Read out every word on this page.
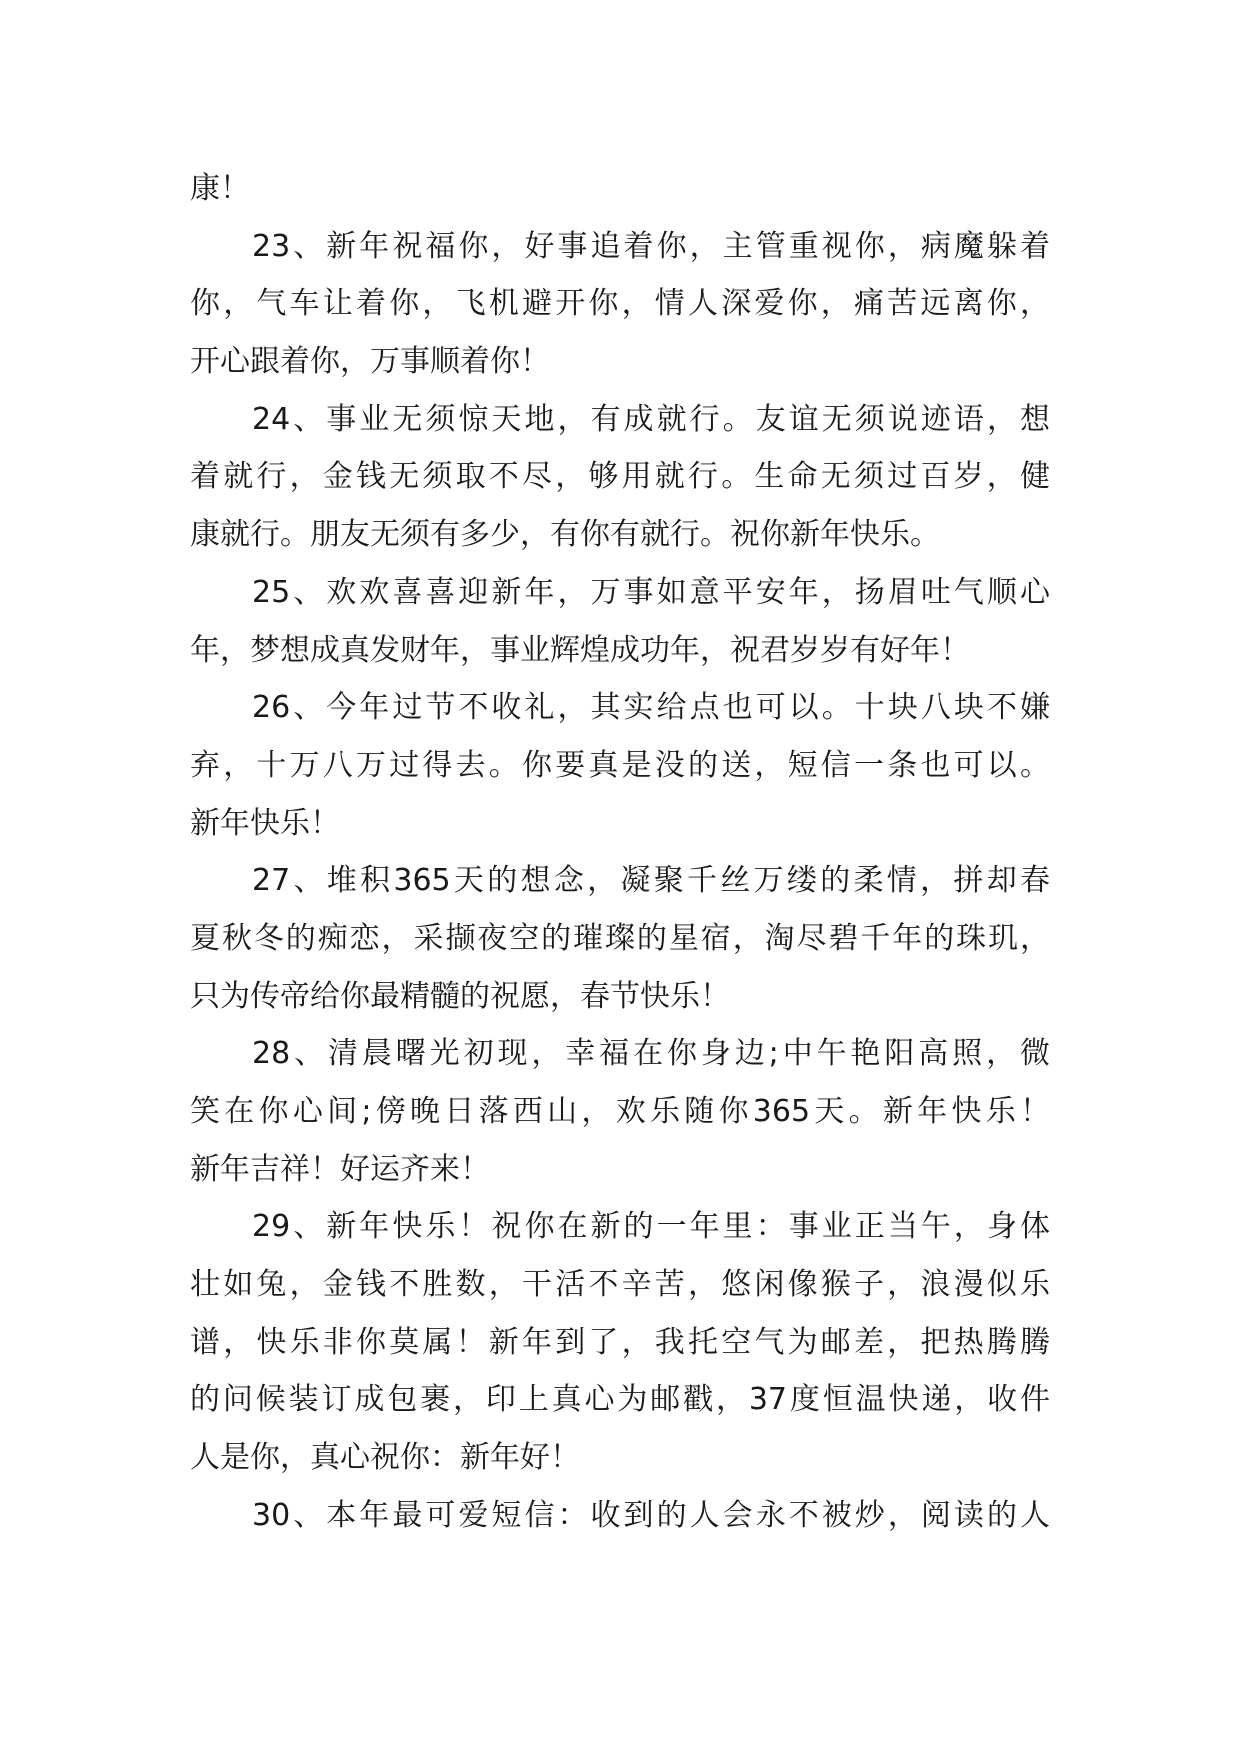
康！
23、新年祝福你，好事追着你，主管重视你，病魔躲着
你，气车让着你，飞机避开你，情人深爱你，痛苦远离你，
开心跟着你，万事顺着你！
24、事业无须惊天地，有成就行。友谊无须说迹语，想
着就行，金钱无须取不尽，够用就行。生命无须过百岁，健
康就行。朋友无须有多少，有你有就行。祝你新年快乐。
25、欢欢喜喜迎新年，万事如意平安年，扬眉吐气顺心
年，梦想成真发财年，事业辉煌成功年，祝君岁岁有好年！
26、今年过节不收礼，其实给点也可以。十块八块不嫌
弃，十万八万过得去。你要真是没的送，短信一条也可以。
新年快乐！
27、堆积365天的想念，凝聚千丝万缕的柔情，拼却春
夏秋冬的痴恋，采撷夜空的璀璨的星宿，淘尽碧千年的珠玑，
只为传帝给你最精髓的祝愿，春节快乐！
28、清晨曙光初现，幸福在你身边;中午艳阳高照，微
笑在你心间;傍晚日落西山，欢乐随你365天。新年快乐！
新年吉祥！好运齐来！
29、新年快乐！祝你在新的一年里：事业正当午，身体
壮如兔，金钱不胜数，干活不辛苦，悠闲像猴子，浪漫似乐
谱，快乐非你莫属！新年到了，我托空气为邮差，把热腾腾
的问候装订成包裹，印上真心为邮戳，37度恒温快递，收件
人是你，真心祝你：新年好！
30、本年最可爱短信：收到的人会永不被炒，阅读的人
